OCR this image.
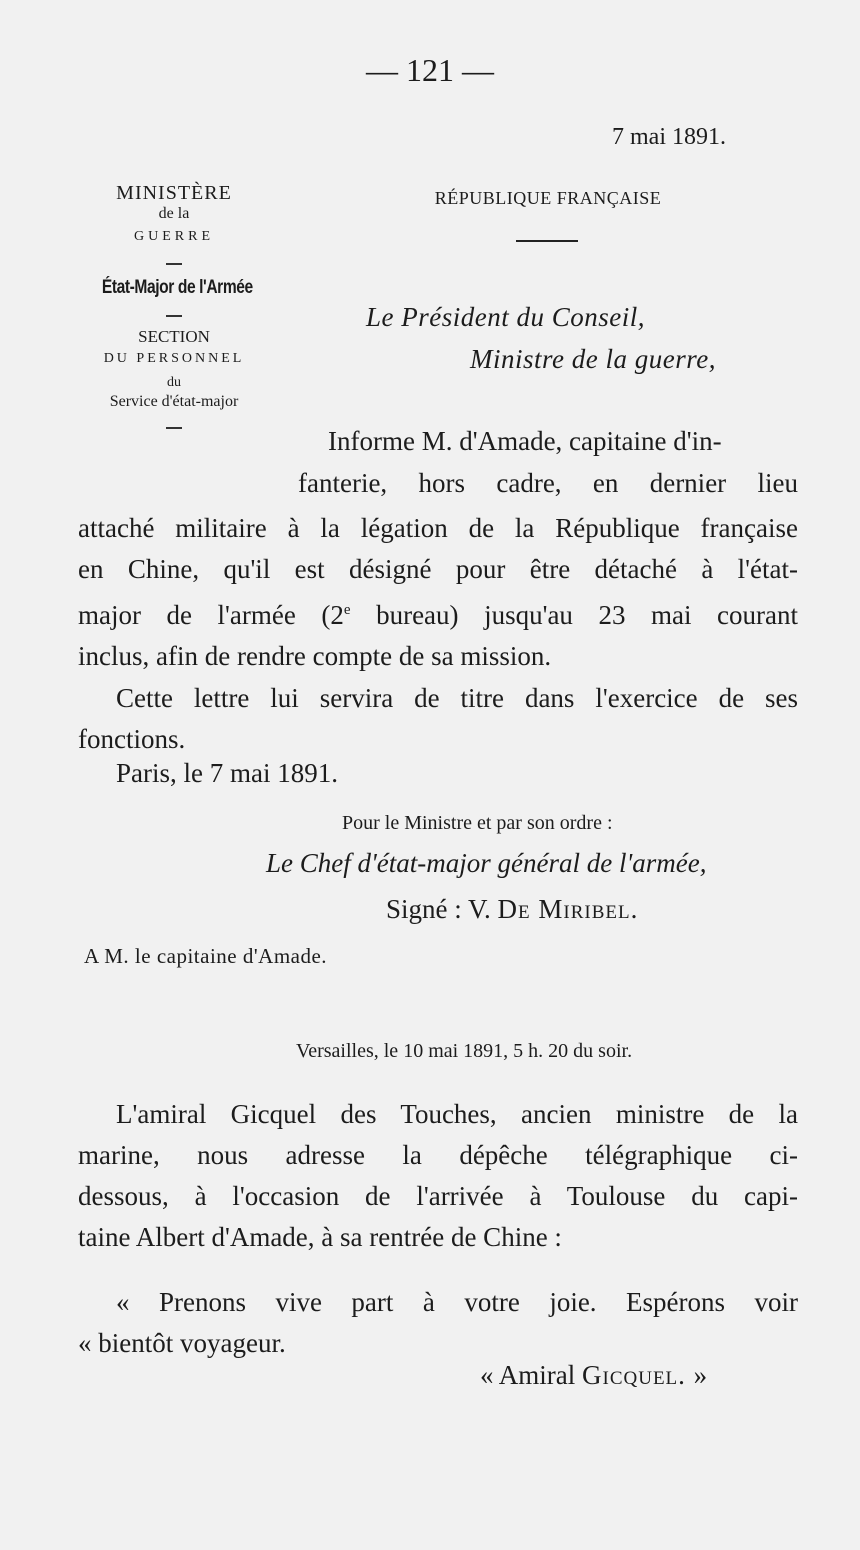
— 121 —
7 mai 1891.
MINISTÈRE
de la
GUERRE
État-Major de l'Armée
SECTION
DU PERSONNEL
du
Service d'état-major
RÉPUBLIQUE FRANÇAISE
Le Président du Conseil,
Ministre de la guerre,
Informe M. d'Amade, capitaine d'in-
fanterie, hors cadre, en dernier lieu
attaché militaire à la légation de la République française
en Chine, qu'il est désigné pour être détaché à l'état-
major de l'armée (2e bureau) jusqu'au 23 mai courant
inclus, afin de rendre compte de sa mission.
Cette lettre lui servira de titre dans l'exercice de ses
fonctions.
Paris, le 7 mai 1891.
Pour le Ministre et par son ordre :
Le Chef d'état-major général de l'armée,
Signé : V. De Miribel.
A M. le capitaine d'Amade.
Versailles, le 10 mai 1891, 5 h. 20 du soir.
L'amiral Gicquel des Touches, ancien ministre de la
marine, nous adresse la dépêche télégraphique ci-
dessous, à l'occasion de l'arrivée à Toulouse du capi-
taine Albert d'Amade, à sa rentrée de Chine :
« Prenons vive part à votre joie. Espérons voir
« bientôt voyageur.
« Amiral Gicquel. »
